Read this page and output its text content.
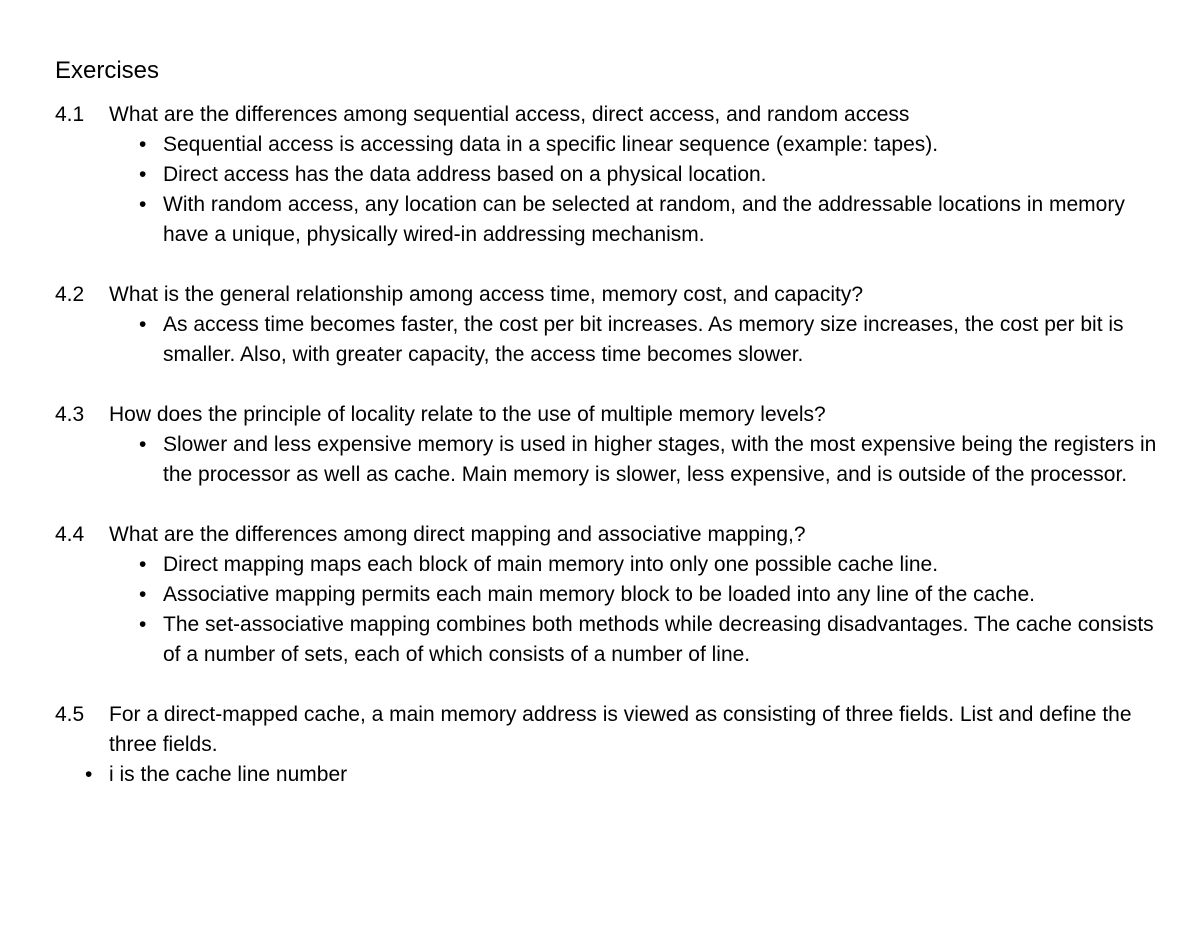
Exercises
4.1	What are the differences among sequential access, direct access, and random access
• Sequential access is accessing data in a specific linear sequence (example: tapes).
• Direct access has the data address based on a physical location.
• With random access, any location can be selected at random, and the addressable locations in memory have a unique, physically wired-in addressing mechanism.
4.2	What is the general relationship among access time, memory cost, and capacity?
• As access time becomes faster, the cost per bit increases. As memory size increases, the cost per bit is smaller. Also, with greater capacity, the access time becomes slower.
4.3	How does the principle of locality relate to the use of multiple memory levels?
• Slower and less expensive memory is used in higher stages, with the most expensive being the registers in the processor as well as cache. Main memory is slower, less expensive, and is outside of the processor.
4.4	What are the differences among direct mapping and associative mapping,?
• Direct mapping maps each block of main memory into only one possible cache line.
• Associative mapping permits each main memory block to be loaded into any line of the cache.
• The set-associative mapping combines both methods while decreasing disadvantages. The cache consists of a number of sets, each of which consists of a number of line.
4.5	For a direct-mapped cache, a main memory address is viewed as consisting of three fields. List and define the three fields.
• i is the cache line number
